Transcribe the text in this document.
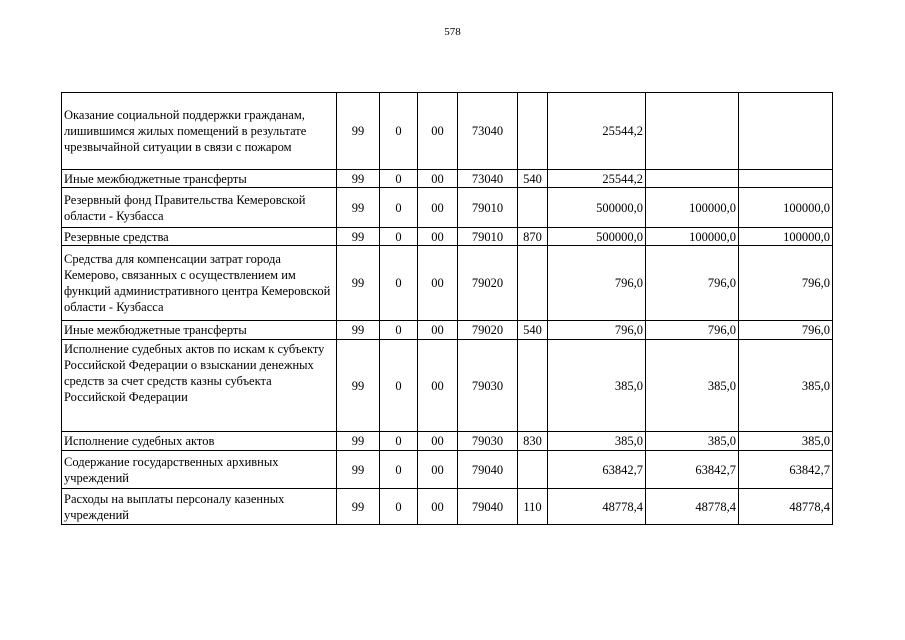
578
Оказание социальной поддержки гражданам, лишившимся жилых помещений в результате чрезвычайной ситуации в связи с пожаром	99	0	00	73040		25544,2		
Иные межбюджетные трансферты	99	0	00	73040	540	25544,2		
Резервный фонд Правительства Кемеровской области - Кузбасса	99	0	00	79010		500000,0	100000,0	100000,0
Резервные средства	99	0	00	79010	870	500000,0	100000,0	100000,0
Средства для компенсации затрат города Кемерово, связанных с осуществлением им функций административного центра Кемеровской области - Кузбасса	99	0	00	79020		796,0	796,0	796,0
Иные межбюджетные трансферты	99	0	00	79020	540	796,0	796,0	796,0
Исполнение судебных актов по искам к субъекту Российской Федерации о взыскании денежных средств за счет средств казны субъекта Российской Федерации	99	0	00	79030		385,0	385,0	385,0
Исполнение судебных актов	99	0	00	79030	830	385,0	385,0	385,0
Содержание государственных архивных учреждений	99	0	00	79040		63842,7	63842,7	63842,7
Расходы на выплаты персоналу казенных учреждений	99	0	00	79040	110	48778,4	48778,4	48778,4
